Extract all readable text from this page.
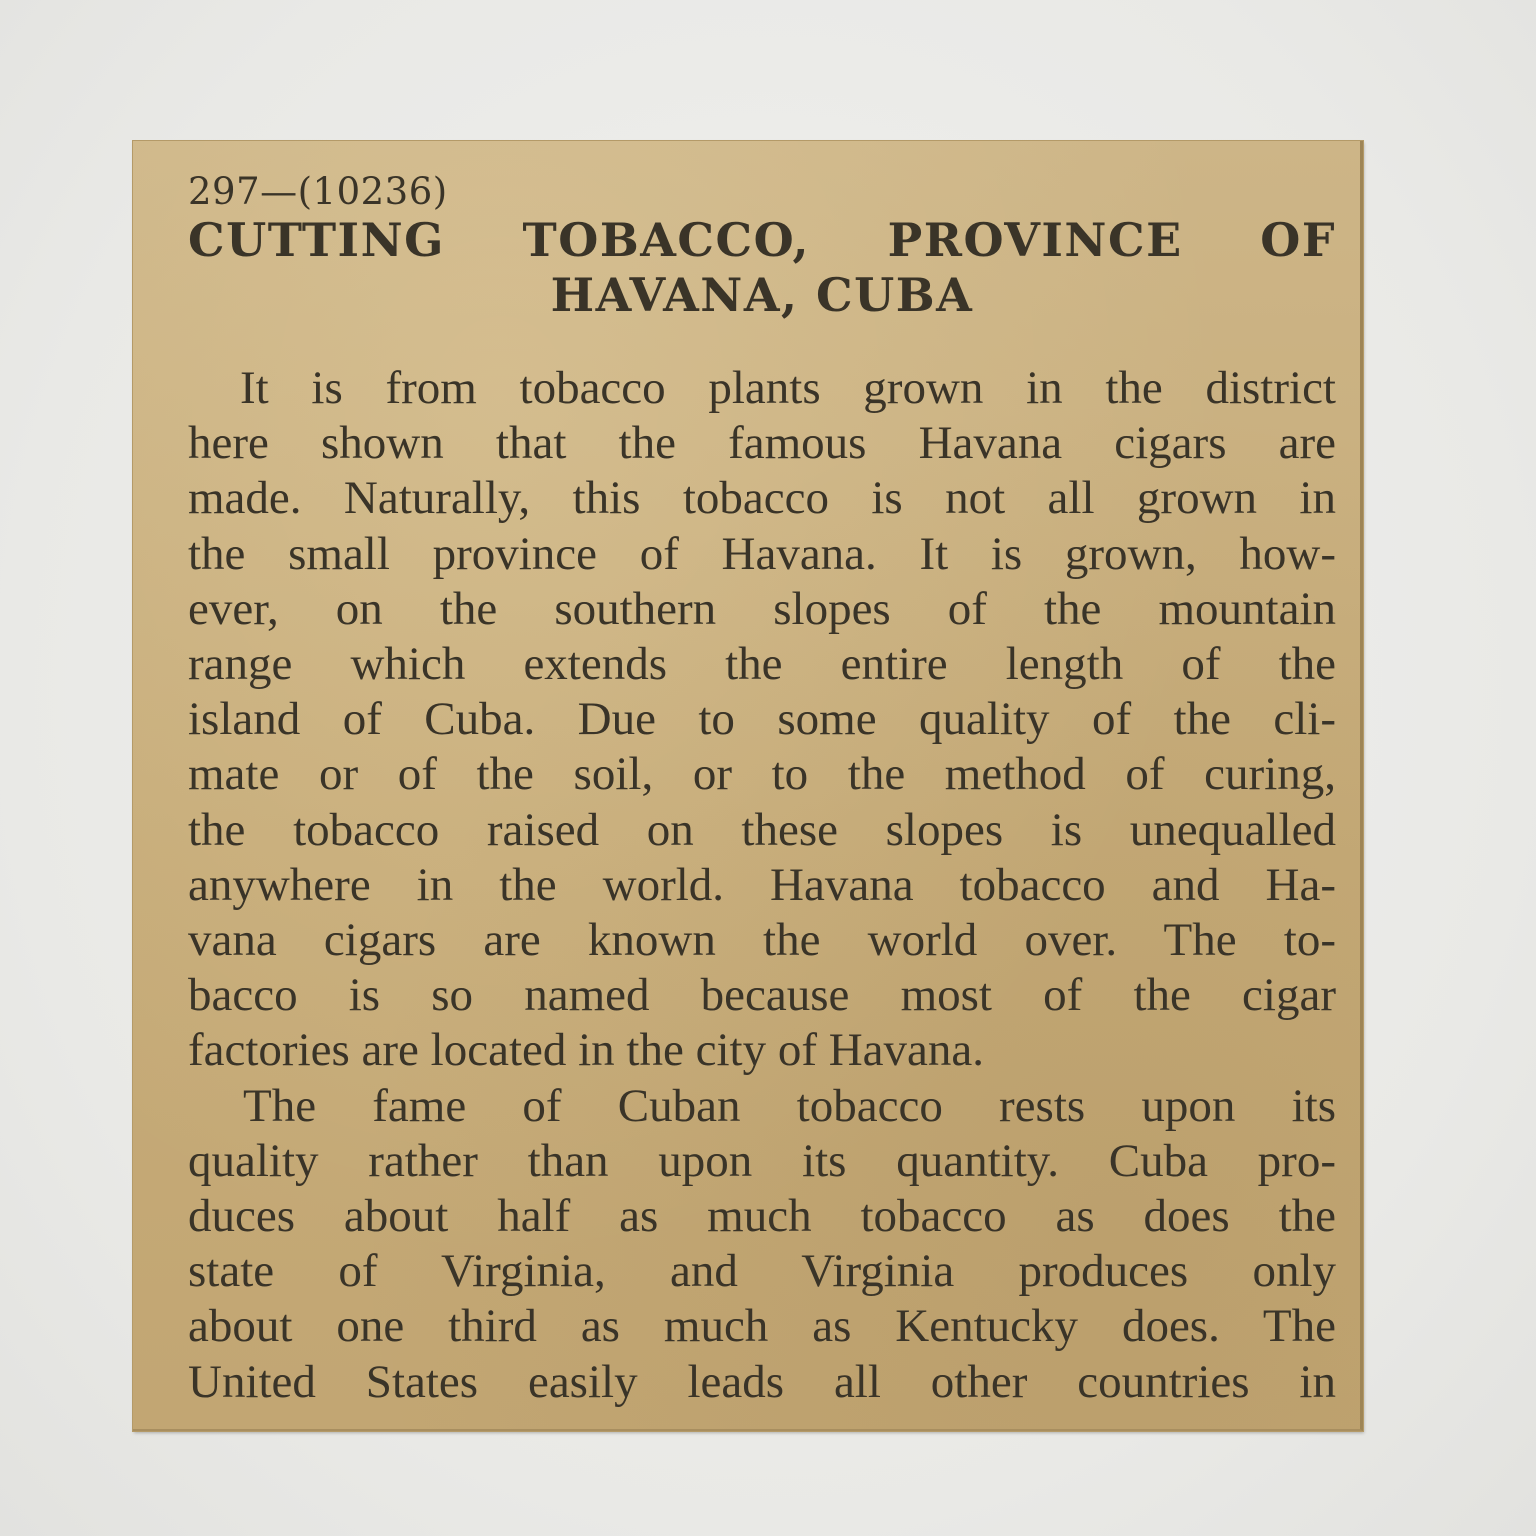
297—(10236)

CUTTING TOBACCO, PROVINCE OF
HAVANA, CUBA
It is from tobacco plants grown in the district
here shown that the famous Havana cigars are
made. Naturally, this tobacco is not all grown in
the small province of Havana. It is grown, how-
ever, on the southern slopes of the mountain
range which extends the entire length of the
island of Cuba. Due to some quality of the cli-
mate or of the soil, or to the method of curing,
the tobacco raised on these slopes is unequalled
anywhere in the world. Havana tobacco and Ha-
vana cigars are known the world over. The to-
bacco is so named because most of the cigar
factories are located in the city of Havana.
The fame of Cuban tobacco rests upon its
quality rather than upon its quantity. Cuba pro-
duces about half as much tobacco as does the
state of Virginia, and Virginia produces only
about one third as much as Kentucky does. The
United States easily leads all other countries in
